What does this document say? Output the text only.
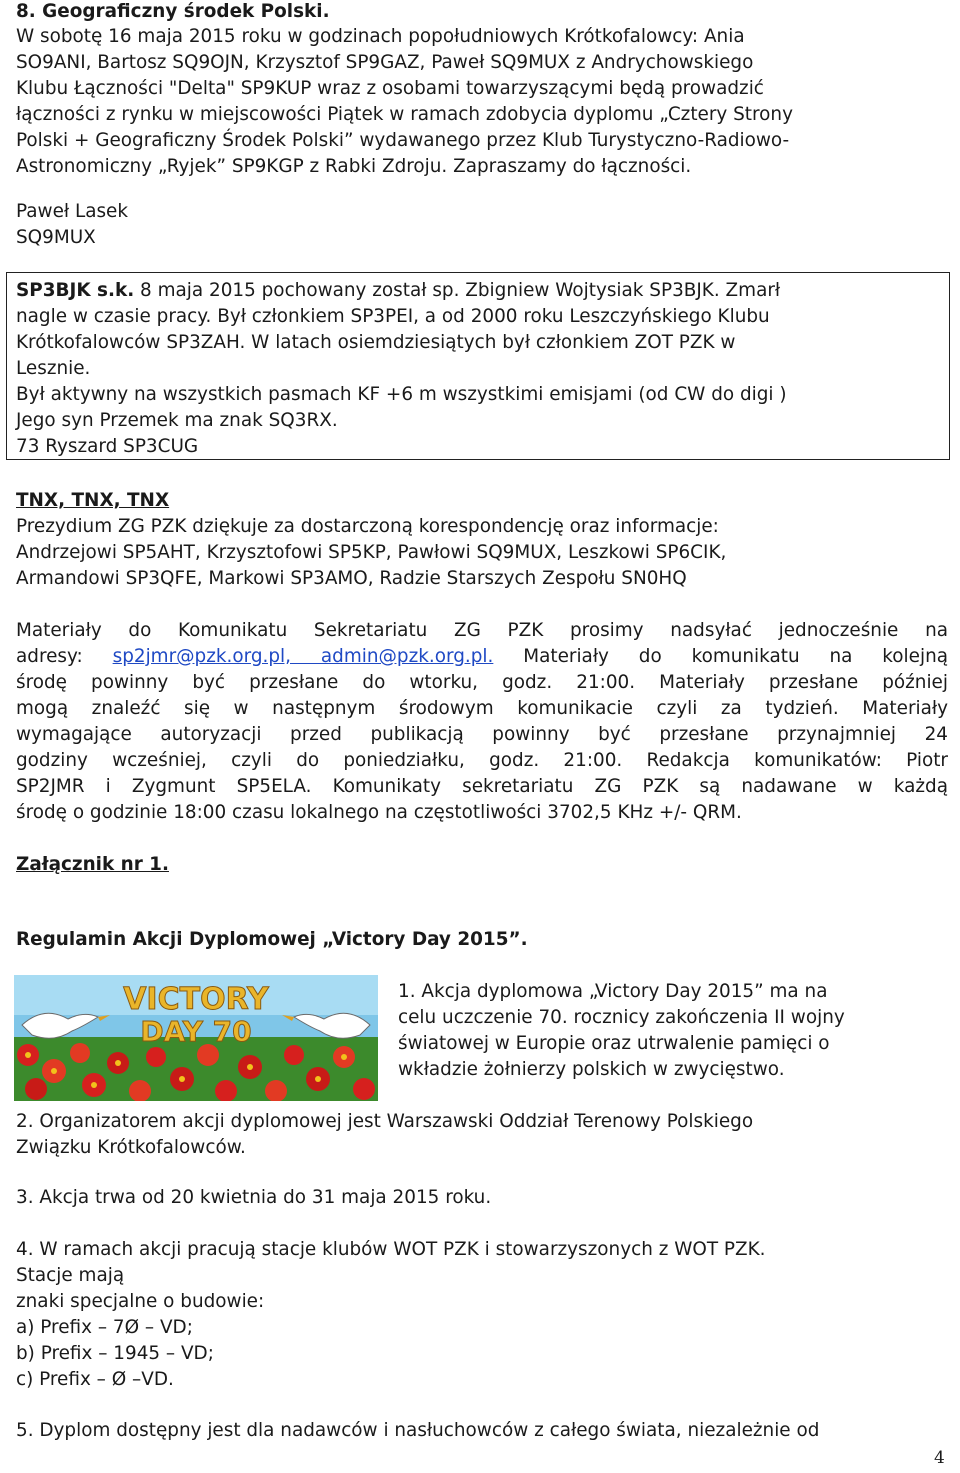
8. Geograficzny środek Polski.
W sobotę 16 maja 2015 roku w godzinach popołudniowych Krótkofalowcy: Ania
SO9ANI, Bartosz SQ9OJN, Krzysztof SP9GAZ, Paweł SQ9MUX z Andrychowskiego
Klubu Łączności "Delta" SP9KUP wraz z osobami towarzyszącymi będą prowadzić
łączności z rynku w miejscowości Piątek w ramach zdobycia dyplomu „Cztery Strony
Polski + Geograficzny Środek Polski” wydawanego przez Klub Turystyczno-Radiowo-
Astronomiczny „Ryjek” SP9KGP z Rabki Zdroju. Zapraszamy do łączności.
Paweł Lasek
SQ9MUX
SP3BJK s.k. 8 maja 2015 pochowany został sp. Zbigniew Wojtysiak SP3BJK. Zmarł
nagle w czasie pracy. Był członkiem SP3PEI, a od 2000 roku Leszczyńskiego Klubu
Krótkofalowców SP3ZAH. W latach osiemdziesiątych był członkiem ZOT PZK w
Lesznie.
Był aktywny na wszystkich pasmach KF +6 m wszystkimi emisjami (od CW do digi )
Jego syn Przemek ma znak SQ3RX.
73 Ryszard SP3CUG
TNX, TNX, TNX
Prezydium ZG PZK dziękuje za dostarczoną korespondencję oraz informacje:
Andrzejowi SP5AHT, Krzysztofowi SP5KP, Pawłowi SQ9MUX, Leszkowi SP6CIK,
Armandowi SP3QFE, Markowi SP3AMO, Radzie Starszych Zespołu SN0HQ
Materiały do Komunikatu Sekretariatu ZG PZK prosimy nadsyłać jednocześnie na
adresy: sp2jmr@pzk.org.pl, admin@pzk.org.pl. Materiały do komunikatu na kolejną
środę powinny być przesłane do wtorku, godz. 21:00. Materiały przesłane później
mogą znaleźć się w następnym środowym komunikacie czyli za tydzień. Materiały
wymagające autoryzacji przed publikacją powinny być przesłane przynajmniej 24
godziny wcześniej, czyli do poniedziałku, godz. 21:00. Redakcja komunikatów: Piotr
SP2JMR i Zygmunt SP5ELA. Komunikaty sekretariatu ZG PZK są nadawane w każdą
środę o godzinie 18:00 czasu lokalnego na częstotliwości 3702,5 KHz +/- QRM.
Załącznik nr 1.
Regulamin Akcji Dyplomowej „Victory Day 2015”.
VICTORY
DAY 70
1. Akcja dyplomowa „Victory Day 2015” ma na
celu uczczenie 70. rocznicy zakończenia II wojny
światowej w Europie oraz utrwalenie pamięci o
wkładzie żołnierzy polskich w zwycięstwo.
2. Organizatorem akcji dyplomowej jest Warszawski Oddział Terenowy Polskiego
Związku Krótkofalowców.
3. Akcja trwa od 20 kwietnia do 31 maja 2015 roku.
4. W ramach akcji pracują stacje klubów WOT PZK i stowarzyszonych z WOT PZK.
Stacje mają
znaki specjalne o budowie:
a) Prefix – 7Ø – VD;
b) Prefix – 1945 – VD;
c) Prefix – Ø –VD.
5. Dyplom dostępny jest dla nadawców i nasłuchowców z całego świata, niezależnie od
4
